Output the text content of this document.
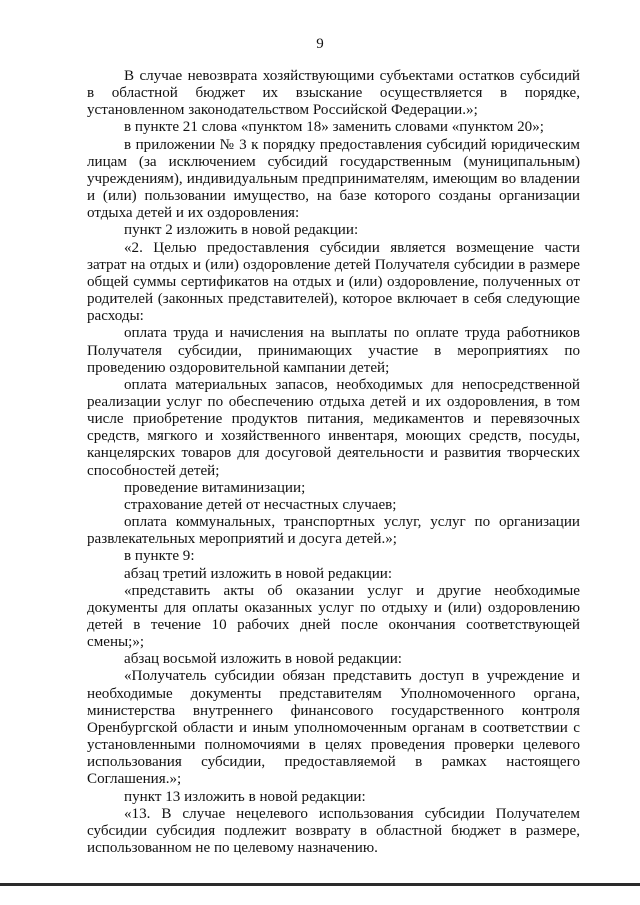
9

В случае невозврата хозяйствующими субъектами остатков субсидий в областной бюджет их взыскание осуществляется в порядке, установленном законодательством Российской Федерации.»;

в пункте 21 слова «пунктом 18» заменить словами «пунктом 20»;

в приложении № 3 к порядку предоставления субсидий юридическим лицам (за исключением субсидий государственным (муниципальным) учреждениям), индивидуальным предпринимателям, имеющим во владении и (или) пользовании имущество, на базе которого созданы организации отдыха детей и их оздоровления:

пункт 2 изложить в новой редакции:

«2. Целью предоставления субсидии является возмещение части затрат на отдых и (или) оздоровление детей Получателя субсидии в размере общей суммы сертификатов на отдых и (или) оздоровление, полученных от родителей (законных представителей), которое включает в себя следующие расходы:

оплата труда и начисления на выплаты по оплате труда работников Получателя субсидии, принимающих участие в мероприятиях по проведению оздоровительной кампании детей;

оплата материальных запасов, необходимых для непосредственной реализации услуг по обеспечению отдыха детей и их оздоровления, в том числе приобретение продуктов питания, медикаментов и перевязочных средств, мягкого и хозяйственного инвентаря, моющих средств, посуды, канцелярских товаров для досуговой деятельности и развития творческих способностей детей;

проведение витаминизации;

страхование детей от несчастных случаев;

оплата коммунальных, транспортных услуг, услуг по организации развлекательных мероприятий и досуга детей.»;

в пункте 9:

абзац третий изложить в новой редакции:

«представить акты об оказании услуг и другие необходимые документы для оплаты оказанных услуг по отдыху и (или) оздоровлению детей в течение 10 рабочих дней после окончания соответствующей смены;»;

абзац восьмой изложить в новой редакции:

«Получатель субсидии обязан представить доступ в учреждение и необходимые документы представителям Уполномоченного органа, министерства внутреннего финансового государственного контроля Оренбургской области и иным уполномоченным органам в соответствии с установленными полномочиями в целях проведения проверки целевого использования субсидии, предоставляемой в рамках настоящего Соглашения.»;

пункт 13 изложить в новой редакции:

«13. В случае нецелевого использования субсидии Получателем субсидии субсидия подлежит возврату в областной бюджет в размере, использованном не по целевому назначению.
